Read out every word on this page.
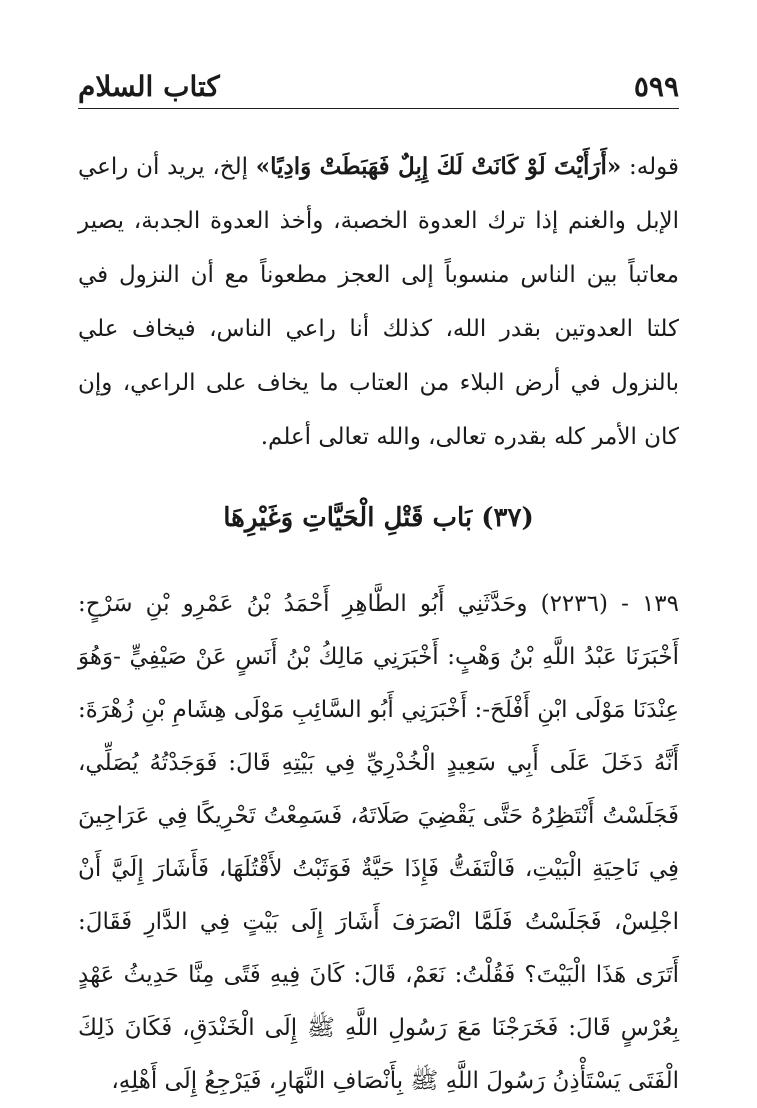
كتاب السلام	٥٩٩

قوله: «أَرَأَيْتَ لَوْ كَانَتْ لَكَ إِبِلٌ فَهَبَطَتْ وَادِيًا» إلخ، يريد أن راعي الإبل والغنم إذا ترك العدوة الخصبة، وأخذ العدوة الجدبة، يصير معاتباً بين الناس منسوباً إلى العجز مطعوناً مع أن النزول في كلتا العدوتين بقدر الله، كذلك أنا راعي الناس، فيخاف علي بالنزول في أرض البلاء من العتاب ما يخاف على الراعي، وإن كان الأمر كله بقدره تعالى، والله تعالى أعلم.

(٣٧) بَاب قَتْلِ الْحَيَّاتِ وَغَيْرِهَا

١٣٩ - (٢٢٣٦) وحَدَّثَنِي أَبُو الطَّاهِرِ أَحْمَدُ بْنُ عَمْرِو بْنِ سَرْحٍ: أَخْبَرَنَا عَبْدُ اللَّهِ بْنُ وَهْبٍ: أَخْبَرَنِي مَالِكُ بْنُ أَنَسٍ عَنْ صَيْفِيٍّ -وَهُوَ عِنْدَنَا مَوْلَى ابْنِ أَفْلَحَ-: أَخْبَرَنِي أَبُو السَّائِبِ مَوْلَى هِشَامِ بْنِ زُهْرَةَ: أَنَّهُ دَخَلَ عَلَى أَبِي سَعِيدٍ الْخُدْرِيِّ فِي بَيْتِهِ قَالَ: فَوَجَدْتُهُ يُصَلِّي، فَجَلَسْتُ أَنْتَظِرُهُ حَتَّى يَقْضِيَ صَلَاتَهُ، فَسَمِعْتُ تَحْرِيكًا فِي عَرَاجِينَ فِي نَاحِيَةِ الْبَيْتِ، فَالْتَفَتُّ فَإِذَا حَيَّةٌ فَوَثَبْتُ لأَقْتُلَهَا، فَأَشَارَ إِلَيَّ أَنْ اجْلِسْ، فَجَلَسْتُ فَلَمَّا انْصَرَفَ أَشَارَ إِلَى بَيْتٍ فِي الدَّارِ فَقَالَ: أَتَرَى هَذَا الْبَيْتَ؟ فَقُلْتُ: نَعَمْ، قَالَ: كَانَ فِيهِ فَتًى مِنَّا حَدِيثُ عَهْدٍ بِعُرْسٍ قَالَ: فَخَرَجْنَا مَعَ رَسُولِ اللَّهِ ﷺ إِلَى الْخَنْدَقِ، فَكَانَ ذَلِكَ الْفَتَى يَسْتَأْذِنُ رَسُولَ اللَّهِ ﷺ بِأَنْصَافِ النَّهَارِ، فَيَرْجِعُ إِلَى أَهْلِهِ،
